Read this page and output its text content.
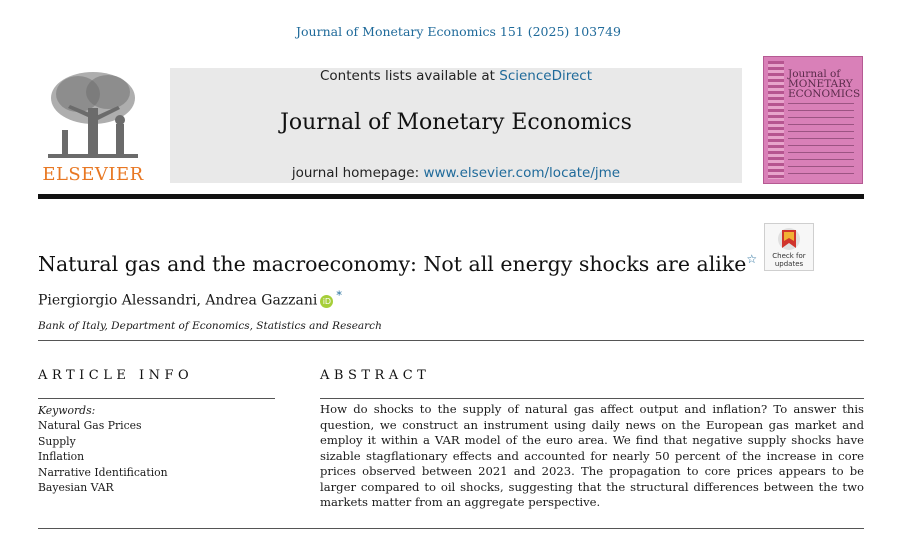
Journal of Monetary Economics 151 (2025) 103749
ELSEVIER
Contents lists available at ScienceDirect
Journal of Monetary Economics
journal homepage: www.elsevier.com/locate/jme
Journal of MONETARY ECONOMICS
Check for updates
Natural gas and the macroeconomy: Not all energy shocks are alike☆
Piergiorgio Alessandri, Andrea Gazzani iD *
Bank of Italy, Department of Economics, Statistics and Research
ARTICLE INFO	ABSTRACT
Keywords:
Natural Gas Prices
Supply
Inflation
Narrative Identification
Bayesian VAR
How do shocks to the supply of natural gas affect output and inflation? To answer this question, we construct an instrument using daily news on the European gas market and employ it within a VAR model of the euro area. We find that negative supply shocks have sizable stagflationary effects and accounted for nearly 50 percent of the increase in core prices observed between 2021 and 2023. The propagation to core prices appears to be larger compared to oil shocks, suggesting that the structural differences between the two markets matter from an aggregate perspective.
